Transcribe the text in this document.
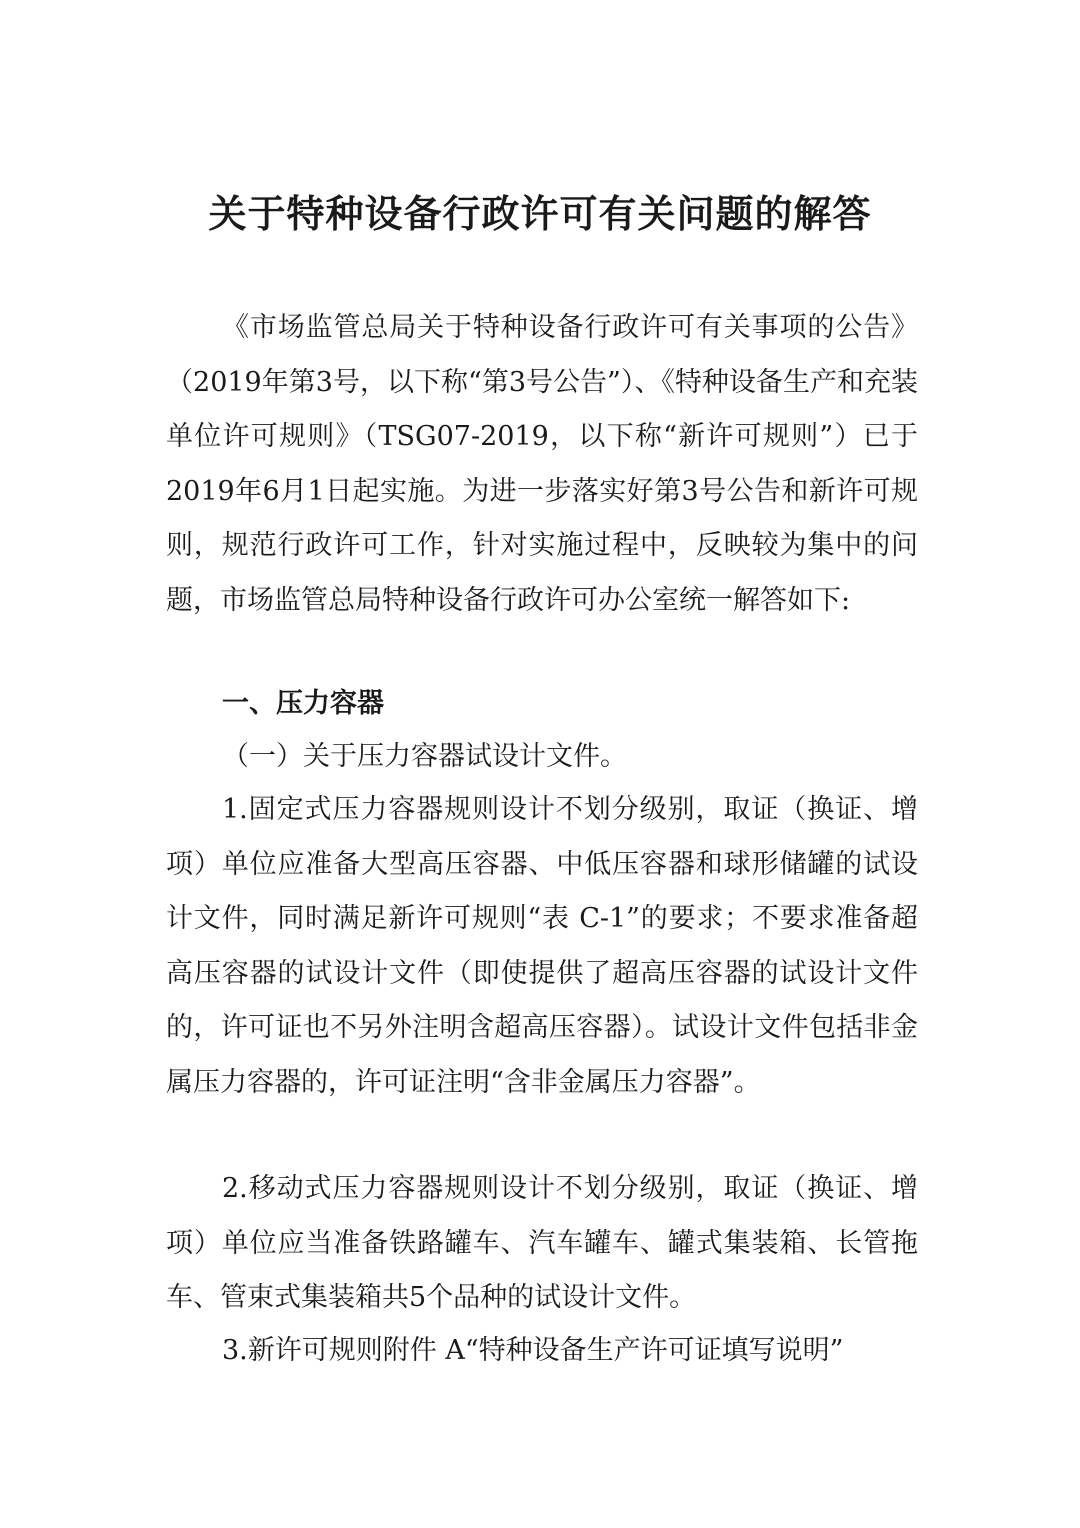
关于特种设备行政许可有关问题的解答
《市场监管总局关于特种设备行政许可有关事项的公告》（2019年第3号，以下称“第3号公告”）、《特种设备生产和充装单位许可规则》（TSG07-2019，以下称“新许可规则”）已于2019年6月1日起实施。为进一步落实好第3号公告和新许可规则，规范行政许可工作，针对实施过程中，反映较为集中的问题，市场监管总局特种设备行政许可办公室统一解答如下:
一、压力容器
（一）关于压力容器试设计文件。
1.固定式压力容器规则设计不划分级别，取证（换证、增项）单位应准备大型高压容器、中低压容器和球形储罐的试设计文件，同时满足新许可规则“表 C-1”的要求；不要求准备超高压容器的试设计文件（即使提供了超高压容器的试设计文件的，许可证也不另外注明含超高压容器）。试设计文件包括非金属压力容器的，许可证注明“含非金属压力容器”。
2.移动式压力容器规则设计不划分级别，取证（换证、增项）单位应当准备铁路罐车、汽车罐车、罐式集装箱、长管拖车、管束式集装箱共5个品种的试设计文件。
3.新许可规则附件 A“特种设备生产许可证填写说明”
